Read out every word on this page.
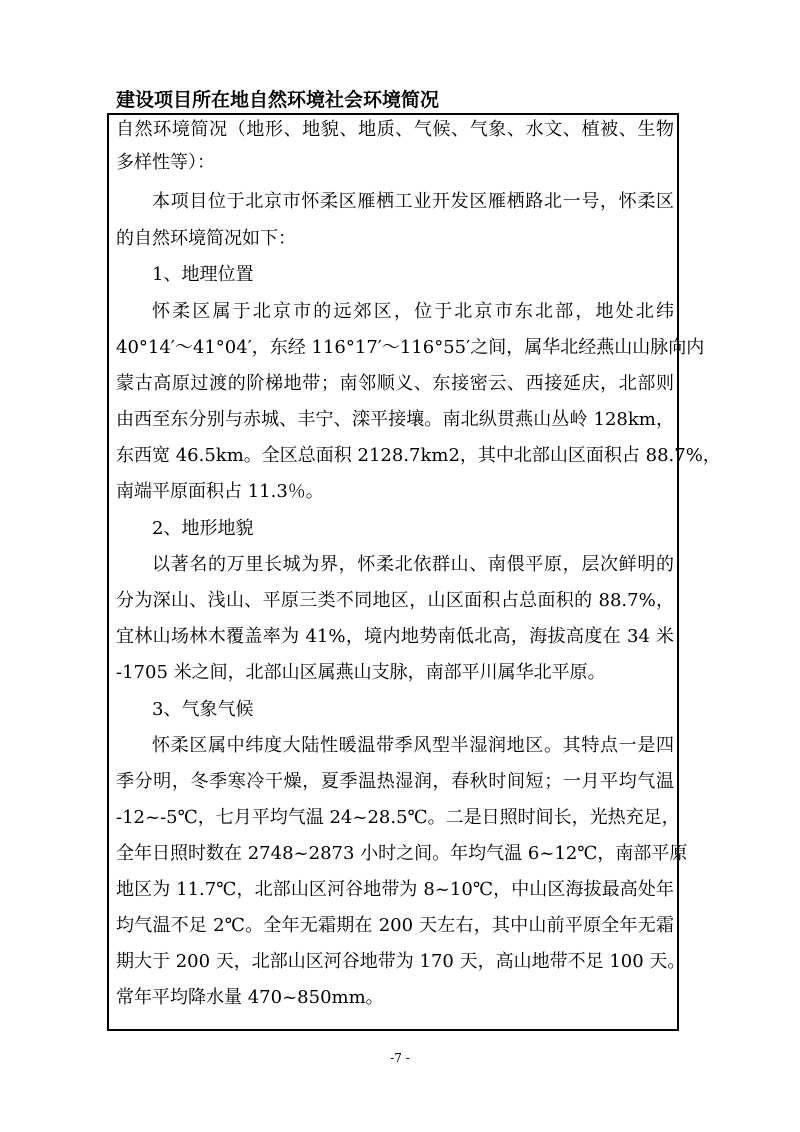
建设项目所在地自然环境社会环境简况

自然环境简况（地形、地貌、地质、气候、气象、水文、植被、生物

多样性等）：

本项目位于北京市怀柔区雁栖工业开发区雁栖路北一号，怀柔区

的自然环境简况如下：

1、地理位置

怀柔区属于北京市的远郊区，位于北京市东北部，地处北纬

40°14′～41°04′，东经 116°17′～116°55′之间，属华北经燕山山脉向内

蒙古高原过渡的阶梯地带；南邻顺义、东接密云、西接延庆，北部则

由西至东分别与赤城、丰宁、滦平接壤。南北纵贯燕山丛岭 128km，

东西宽 46.5km。全区总面积 2128.7km2，其中北部山区面积占 88.7%，

南端平原面积占 11.3％。

2、地形地貌

以著名的万里长城为界，怀柔北依群山、南偎平原，层次鲜明的

分为深山、浅山、平原三类不同地区，山区面积占总面积的 88.7%，

宜林山场林木覆盖率为 41%，境内地势南低北高，海拔高度在 34 米

-1705 米之间，北部山区属燕山支脉，南部平川属华北平原。

3、气象气候

怀柔区属中纬度大陆性暖温带季风型半湿润地区。其特点一是四

季分明，冬季寒冷干燥，夏季温热湿润，春秋时间短；一月平均气温

-12~-5℃，七月平均气温 24~28.5℃。二是日照时间长，光热充足，

全年日照时数在 2748~2873 小时之间。年均气温 6~12℃，南部平原

地区为 11.7℃，北部山区河谷地带为 8~10℃，中山区海拔最高处年

均气温不足 2℃。全年无霜期在 200 天左右，其中山前平原全年无霜

期大于 200 天，北部山区河谷地带为 170 天，高山地带不足 100 天。

常年平均降水量 470~850mm。

-7 -
